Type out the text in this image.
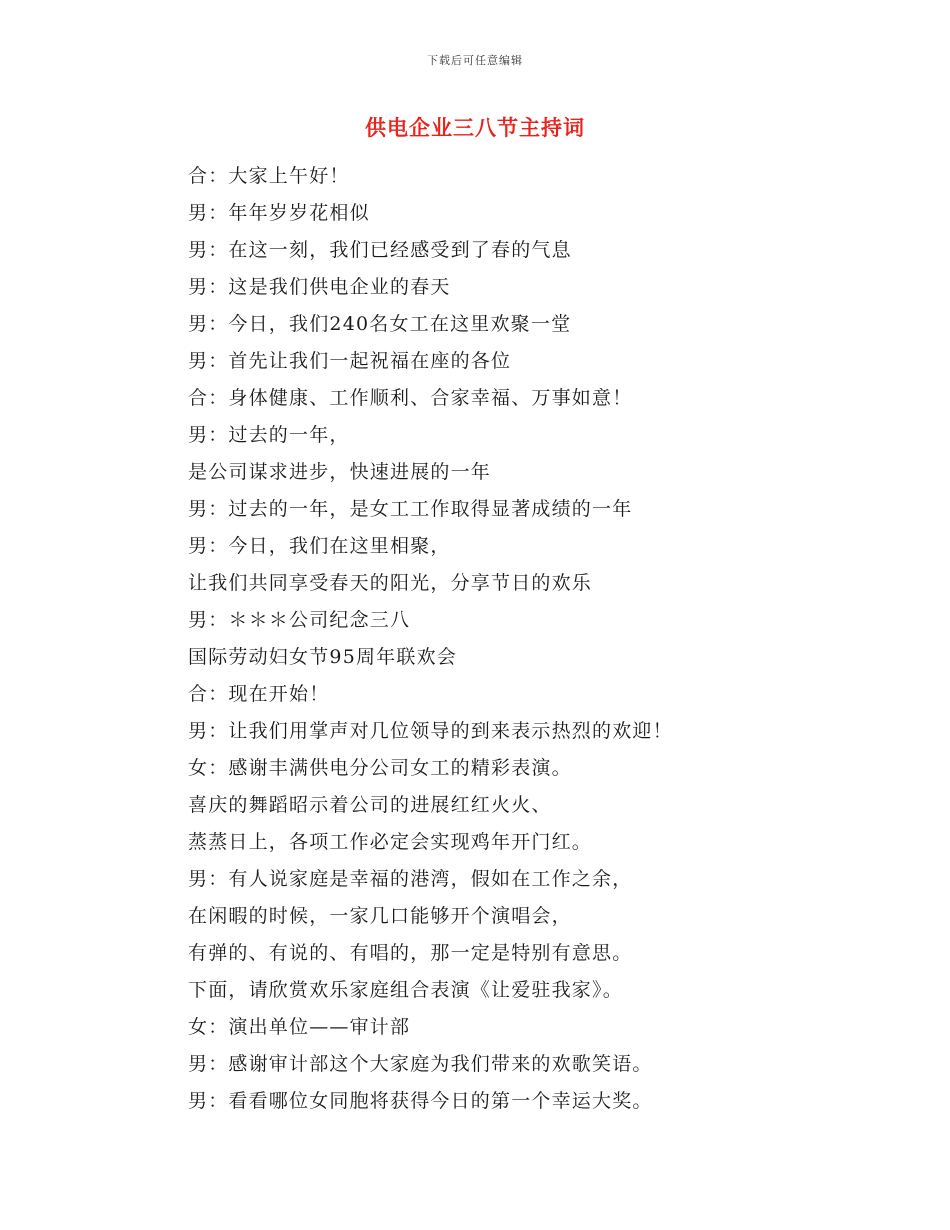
下载后可任意编辑
供电企业三八节主持词
合：大家上午好！
男：年年岁岁花相似
男：在这一刻，我们已经感受到了春的气息
男：这是我们供电企业的春天
男：今日，我们240名女工在这里欢聚一堂
男：首先让我们一起祝福在座的各位
合：身体健康、工作顺利、合家幸福、万事如意！
男：过去的一年，
是公司谋求进步，快速进展的一年
男：过去的一年，是女工工作取得显著成绩的一年
男：今日，我们在这里相聚，
让我们共同享受春天的阳光，分享节日的欢乐
男：＊＊＊公司纪念三八
国际劳动妇女节95周年联欢会
合：现在开始！
男：让我们用掌声对几位领导的到来表示热烈的欢迎！
女：感谢丰满供电分公司女工的精彩表演。
喜庆的舞蹈昭示着公司的进展红红火火、
蒸蒸日上，各项工作必定会实现鸡年开门红。
男：有人说家庭是幸福的港湾，假如在工作之余，
在闲暇的时候，一家几口能够开个演唱会，
有弹的、有说的、有唱的，那一定是特别有意思。
下面，请欣赏欢乐家庭组合表演《让爱驻我家》。
女：演出单位——审计部
男：感谢审计部这个大家庭为我们带来的欢歌笑语。
男：看看哪位女同胞将获得今日的第一个幸运大奖。
